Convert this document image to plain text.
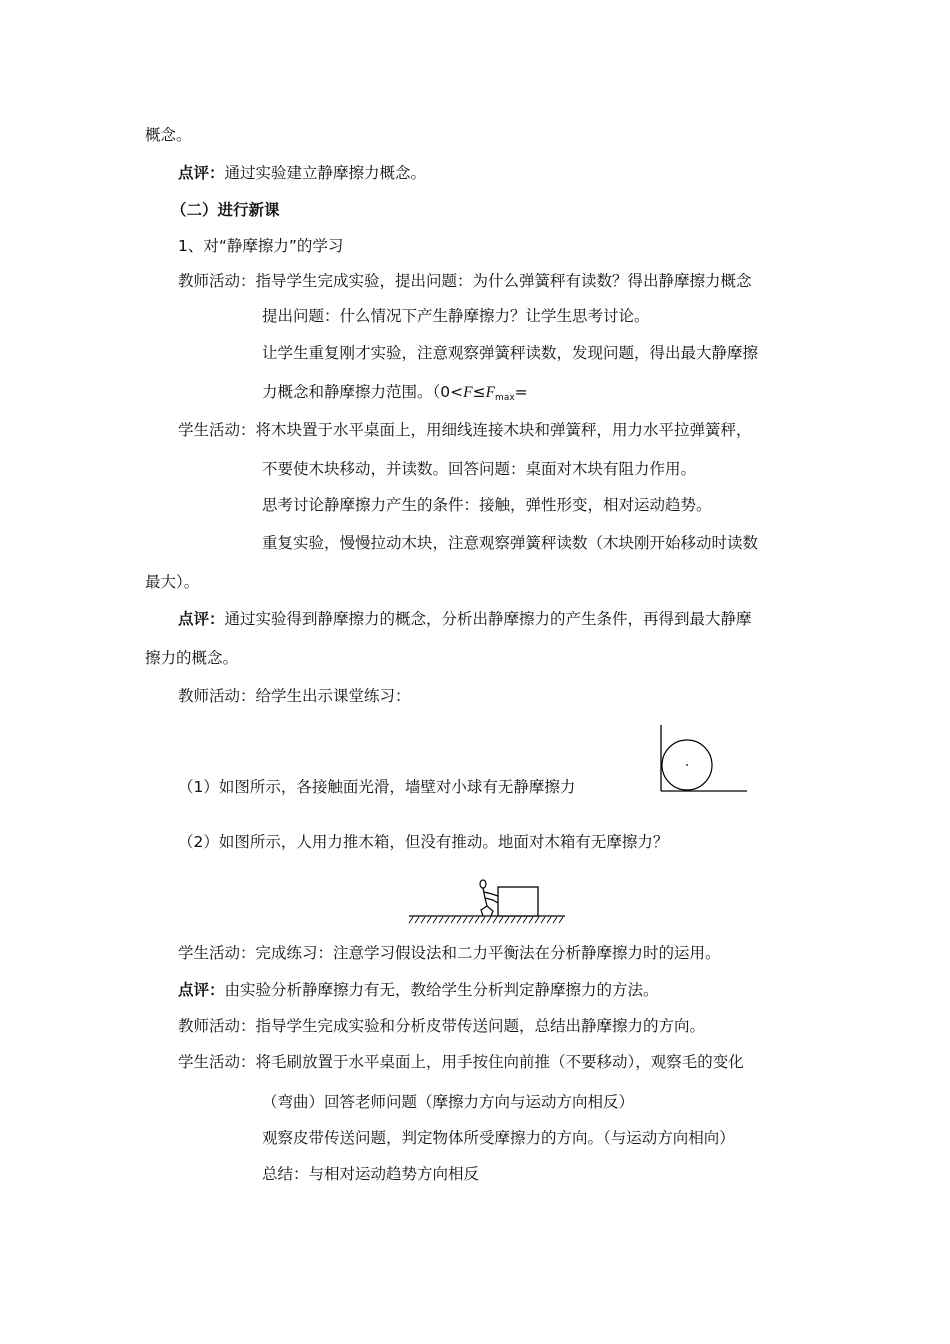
概念。
点评：通过实验建立静摩擦力概念。
（二）进行新课
1、对“静摩擦力”的学习
教师活动：指导学生完成实验，提出问题：为什么弹簧秤有读数？得出静摩擦力概念
提出问题：什么情况下产生静摩擦力？让学生思考讨论。
让学生重复刚才实验，注意观察弹簧秤读数，发现问题，得出最大静摩擦
力概念和静摩擦力范围。（$0<F\le F_{max}=$
学生活动：将木块置于水平桌面上，用细线连接木块和弹簧秤，用力水平拉弹簧秤，
不要使木块移动，并读数。回答问题：桌面对木块有阻力作用。
思考讨论静摩擦力产生的条件：接触，弹性形变，相对运动趋势。
重复实验，慢慢拉动木块，注意观察弹簧秤读数（木块刚开始移动时读数
最大）。
点评：通过实验得到静摩擦力的概念，分析出静摩擦力的产生条件，再得到最大静摩
擦力的概念。
教师活动：给学生出示课堂练习：
（1）如图所示，各接触面光滑，墙壁对小球有无静摩擦力
（2）如图所示，人用力推木箱，但没有推动。地面对木箱有无摩擦力？
学生活动：完成练习：注意学习假设法和二力平衡法在分析静摩擦力时的运用。
点评：由实验分析静摩擦力有无，教给学生分析判定静摩擦力的方法。
教师活动：指导学生完成实验和分析皮带传送问题，总结出静摩擦力的方向。
学生活动：将毛刷放置于水平桌面上，用手按住向前推（不要移动），观察毛的变化
（弯曲）回答老师问题（摩擦力方向与运动方向相反）
观察皮带传送问题，判定物体所受摩擦力的方向。（与运动方向相向）
总结：与相对运动趋势方向相反
